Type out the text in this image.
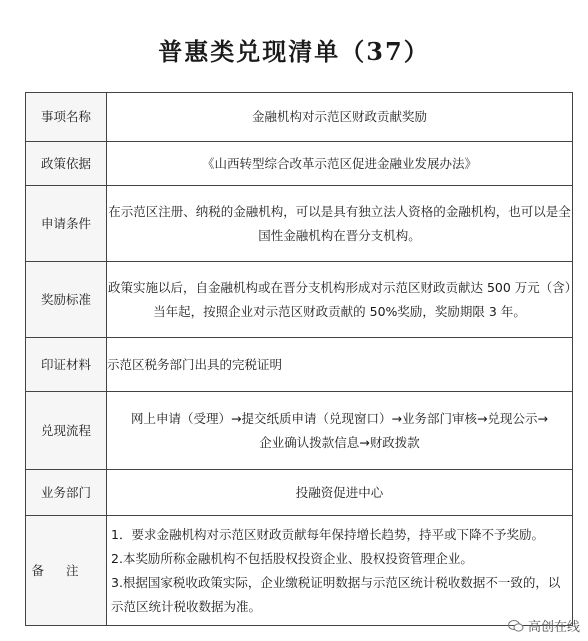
普惠类兑现清单（37）
事项名称	金融机构对示范区财政贡献奖励
政策依据	《山西转型综合改革示范区促进金融业发展办法》
申请条件	在示范区注册、纳税的金融机构，可以是具有独立法人资格的金融机构，也可以是全国性金融机构在晋分支机构。
奖励标准	政策实施以后，自金融机构或在晋分支机构形成对示范区财政贡献达 500 万元（含）当年起，按照企业对示范区财政贡献的 50%奖励，奖励期限 3 年。
印证材料	示范区税务部门出具的完税证明
兑现流程	网上申请（受理）→提交纸质申请（兑现窗口）→业务部门审核→兑现公示→企业确认拨款信息→财政拨款
业务部门	投融资促进中心
备注	1．要求金融机构对示范区财政贡献每年保持增长趋势，持平或下降不予奖励。
2.本奖励所称金融机构不包括股权投资企业、股权投资管理企业。
3.根据国家税收政策实际，企业缴税证明数据与示范区统计税收数据不一致的，以示范区统计税收数据为准。
高创在线
